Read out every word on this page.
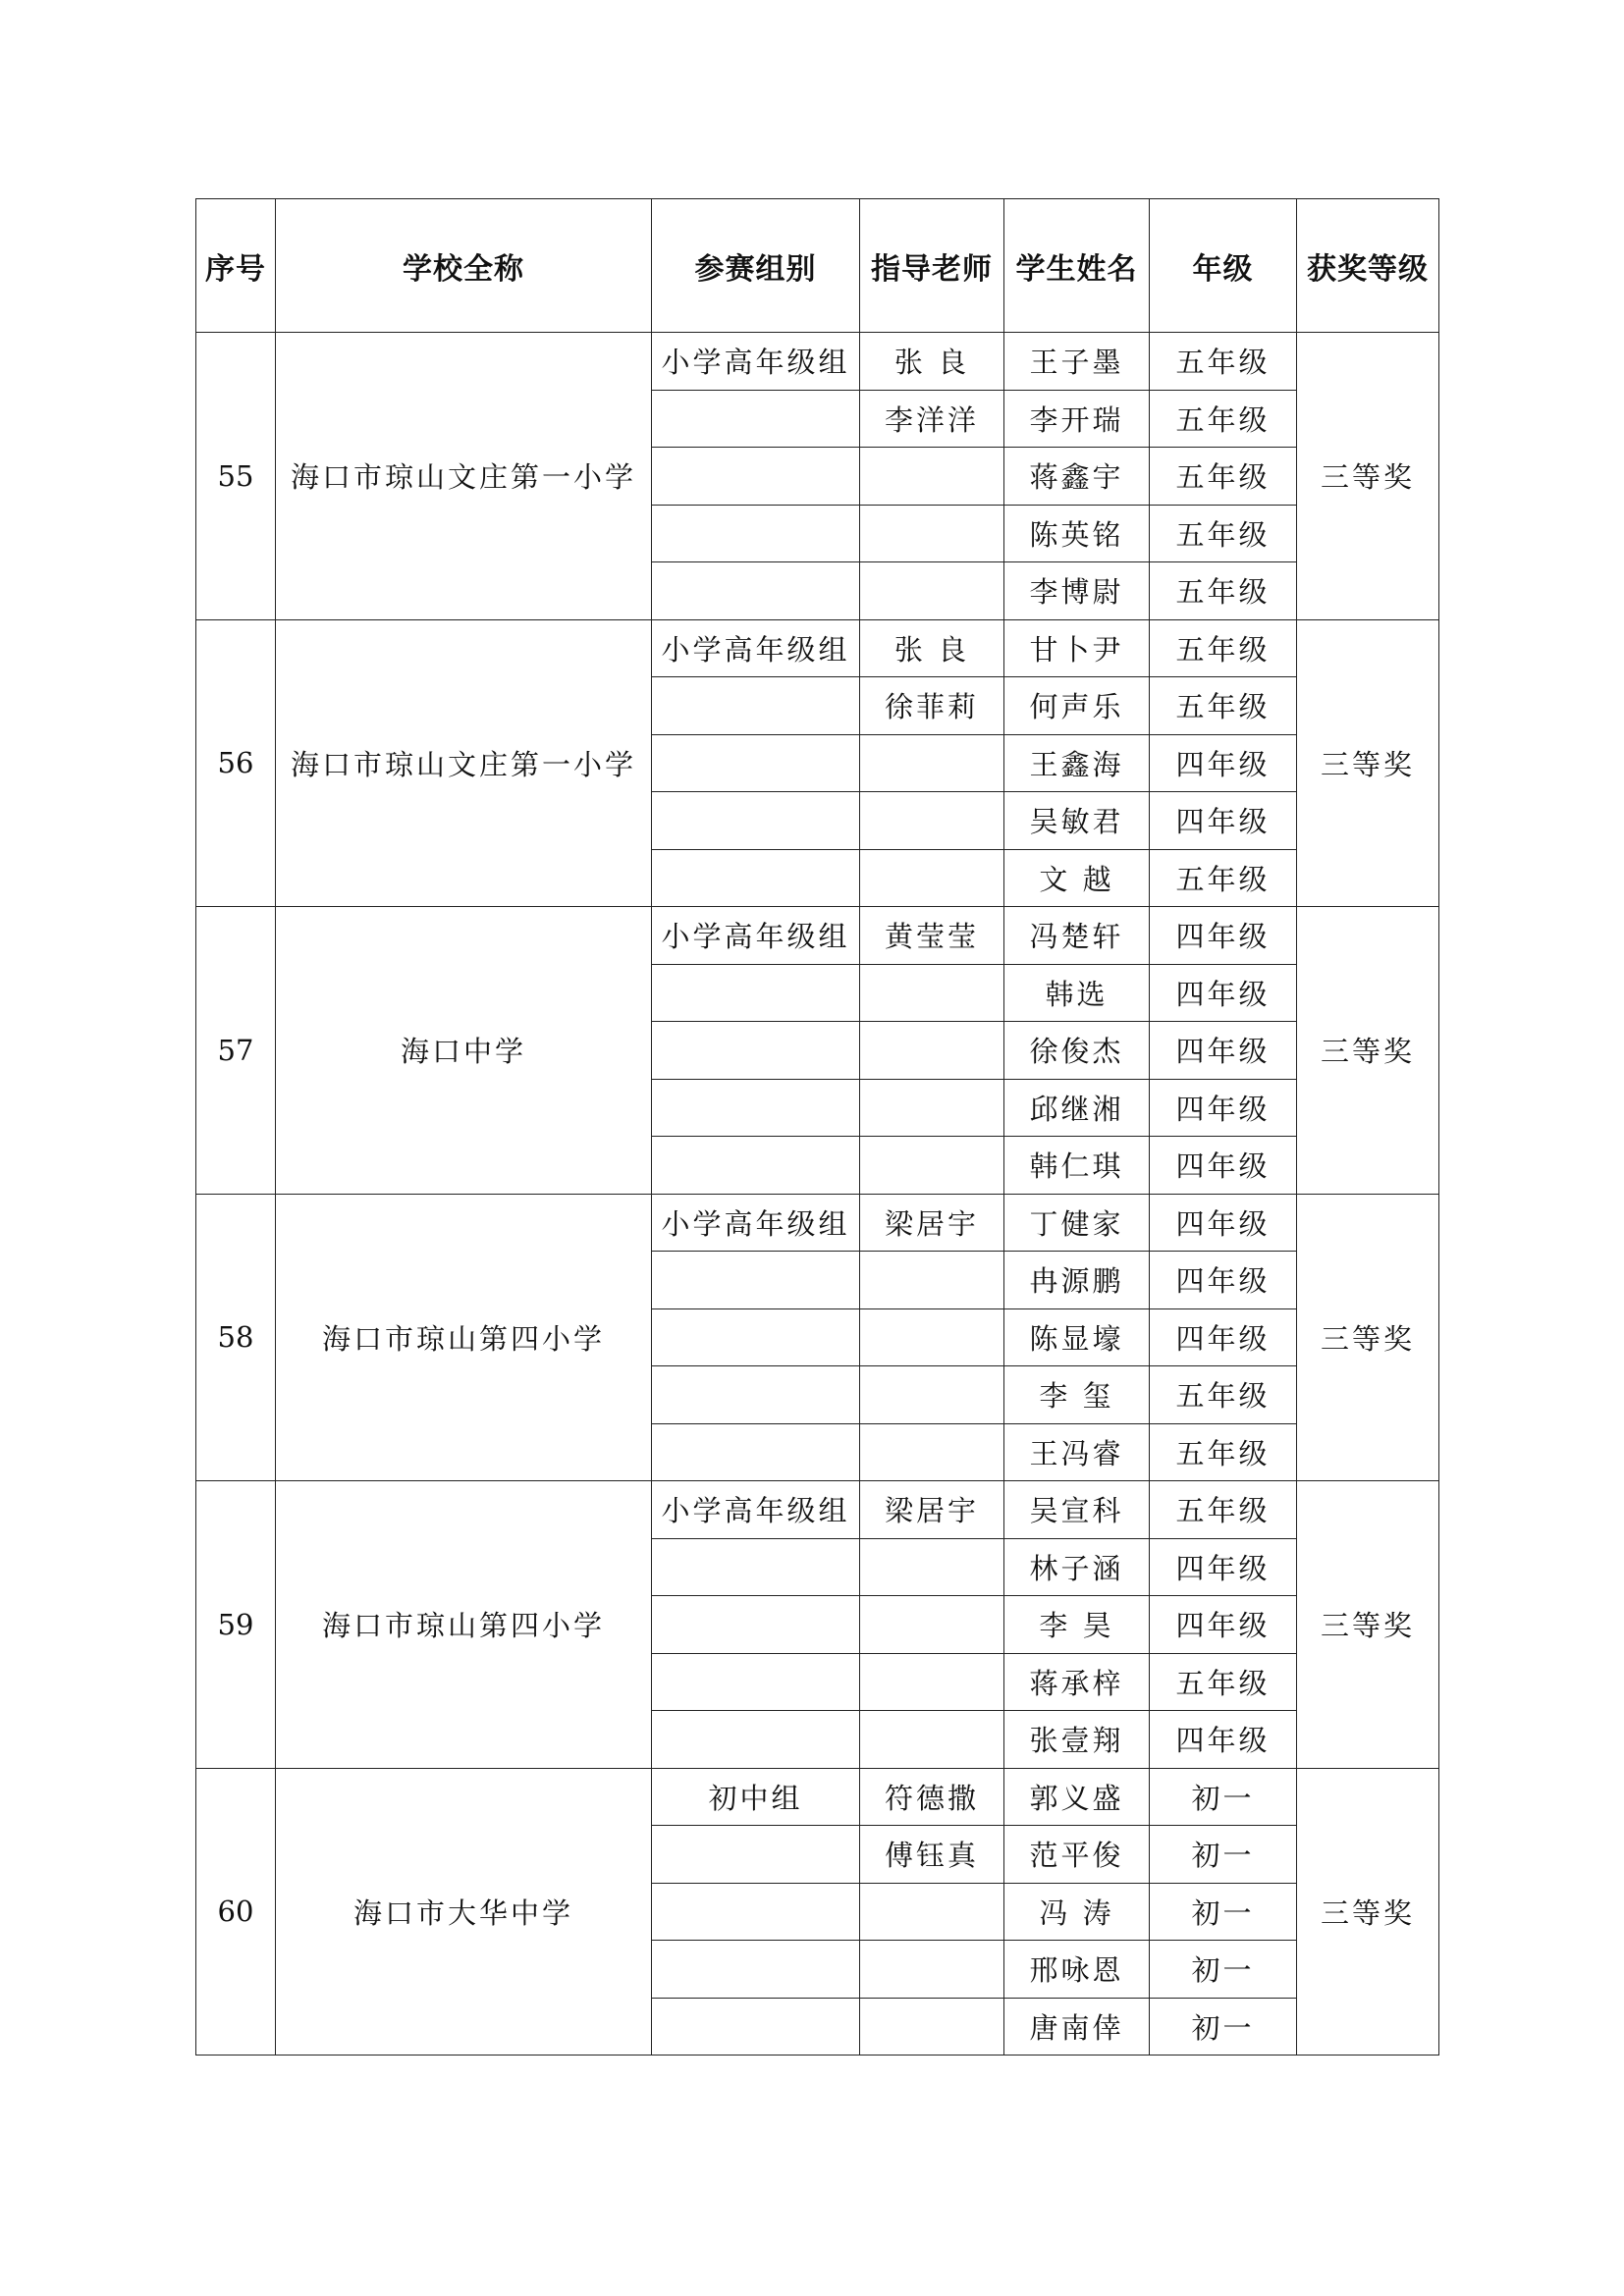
序号	学校全称	参赛组别	指导老师	学生姓名	年级	获奖等级
55	海口市琼山文庄第一小学	小学高年级组	张 良	王子墨	五年级	三等奖
			李洋洋	李开瑞	五年级	
				蒋鑫宇	五年级	
				陈英铭	五年级	
				李博尉	五年级	
56	海口市琼山文庄第一小学	小学高年级组	张 良	甘卜尹	五年级	三等奖
			徐菲莉	何声乐	五年级	
				王鑫海	四年级	
				吴敏君	四年级	
				文 越	五年级	
57	海口中学	小学高年级组	黄莹莹	冯楚轩	四年级	三等奖
				韩选	四年级	
				徐俊杰	四年级	
				邱继湘	四年级	
				韩仁琪	四年级	
58	海口市琼山第四小学	小学高年级组	梁居宇	丁健家	四年级	三等奖
				冉源鹏	四年级	
				陈显壕	四年级	
				李 玺	五年级	
				王冯睿	五年级	
59	海口市琼山第四小学	小学高年级组	梁居宇	吴宣科	五年级	三等奖
				林子涵	四年级	
				李 昊	四年级	
				蒋承梓	五年级	
				张壹翔	四年级	
60	海口市大华中学	初中组	符德撒	郭义盛	初一	三等奖
			傅钰真	范平俊	初一	
				冯 涛	初一	
				邢咏恩	初一	
				唐南倖	初一	
